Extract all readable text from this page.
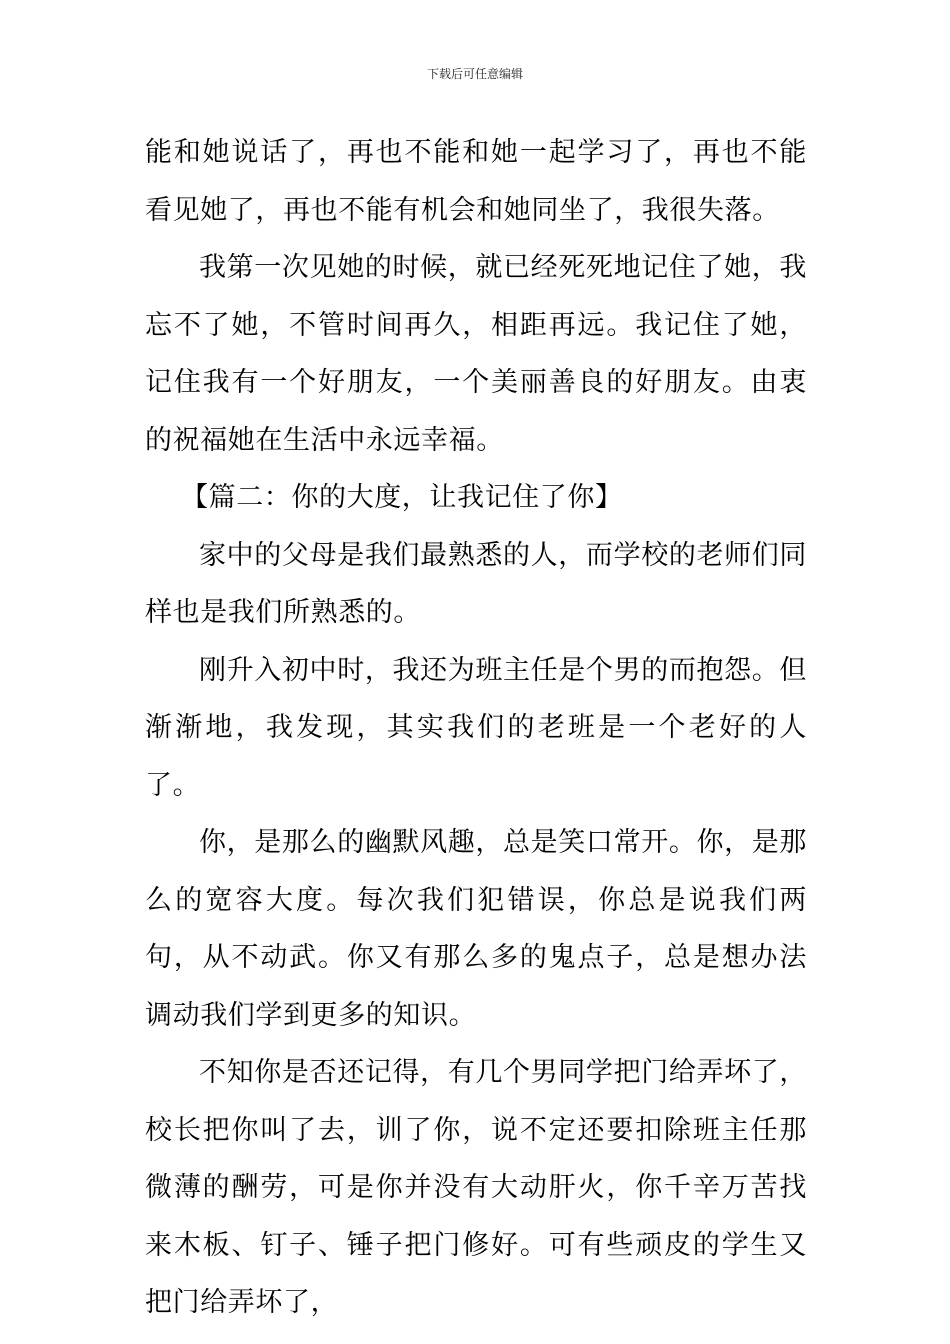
下载后可任意编辑

能和她说话了，再也不能和她一起学习了，再也不能看见她了，再也不能有机会和她同坐了，我很失落。

我第一次见她的时候，就已经死死地记住了她，我忘不了她，不管时间再久，相距再远。我记住了她，记住我有一个好朋友，一个美丽善良的好朋友。由衷的祝福她在生活中永远幸福。

【篇二：你的大度，让我记住了你】

家中的父母是我们最熟悉的人，而学校的老师们同样也是我们所熟悉的。

刚升入初中时，我还为班主任是个男的而抱怨。但渐渐地，我发现，其实我们的老班是一个老好的人了。

你，是那么的幽默风趣，总是笑口常开。你，是那么的宽容大度。每次我们犯错误，你总是说我们两句，从不动武。你又有那么多的鬼点子，总是想办法调动我们学到更多的知识。

不知你是否还记得，有几个男同学把门给弄坏了，校长把你叫了去，训了你，说不定还要扣除班主任那微薄的酬劳，可是你并没有大动肝火，你千辛万苦找来木板、钉子、锤子把门修好。可有些顽皮的学生又把门给弄坏了，
